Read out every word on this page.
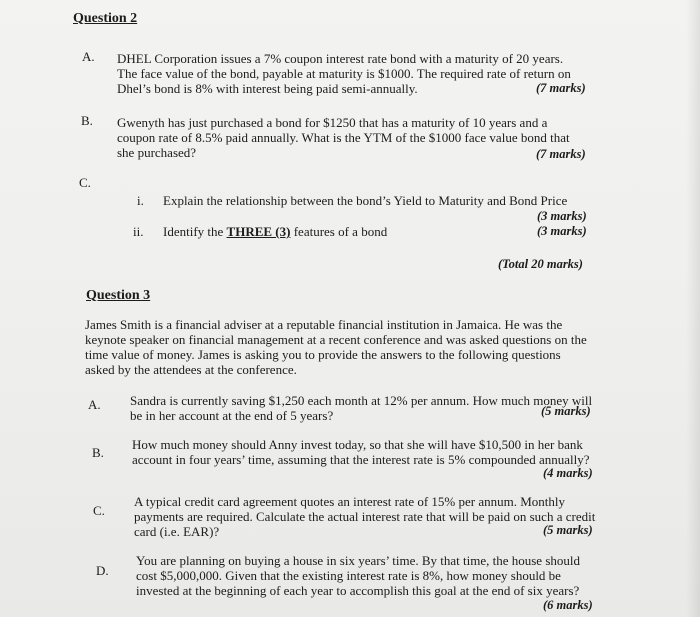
Question 2
A. DHEL Corporation issues a 7% coupon interest rate bond with a maturity of 20 years.
The face value of the bond, payable at maturity is $1000. The required rate of return on
Dhel’s bond is 8% with interest being paid semi-annually.	(7 marks)
B. Gwenyth has just purchased a bond for $1250 that has a maturity of 10 years and a
coupon rate of 8.5% paid annually. What is the YTM of the $1000 face value bond that
she purchased?	(7 marks)
C.
i. Explain the relationship between the bond’s Yield to Maturity and Bond Price
(3 marks)
ii. Identify the THREE (3) features of a bond	(3 marks)
(Total 20 marks)
Question 3
James Smith is a financial adviser at a reputable financial institution in Jamaica. He was the
keynote speaker on financial management at a recent conference and was asked questions on the
time value of money. James is asking you to provide the answers to the following questions
asked by the attendees at the conference.
A. Sandra is currently saving $1,250 each month at 12% per annum. How much money will
be in her account at the end of 5 years?	(5 marks)
B.
How much money should Anny invest today, so that she will have $10,500 in her bank
account in four years’ time, assuming that the interest rate is 5% compounded annually?
(4 marks)
C.
A typical credit card agreement quotes an interest rate of 15% per annum. Monthly
payments are required. Calculate the actual interest rate that will be paid on such a credit
card (i.e. EAR)?	(5 marks)
D.
You are planning on buying a house in six years’ time. By that time, the house should
cost $5,000,000. Given that the existing interest rate is 8%, how money should be
invested at the beginning of each year to accomplish this goal at the end of six years?
(6 marks)
